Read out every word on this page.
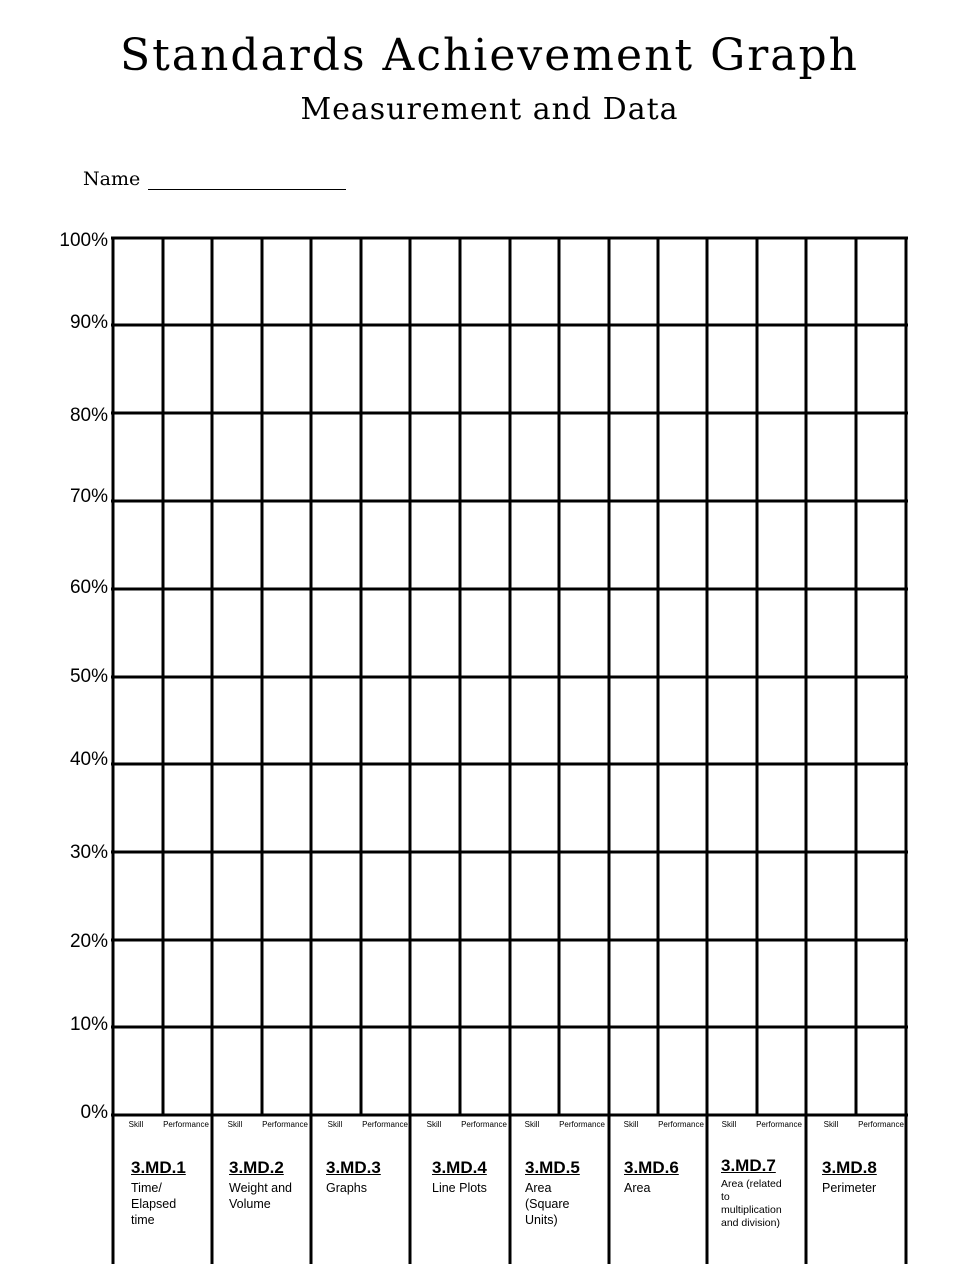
Standards Achievement Graph
Measurement and Data
Name
100%
90%
80%
70%
60%
50%
40%
30%
20%
10%
0%
Skill	Performance	Skill	Performance	Skill	Performance	Skill	Performance	Skill	Performance	Skill	Performance	Skill	Performance	Skill	Performance
3.MD.1
Time/ Elapsed time
3.MD.2
Weight and Volume
3.MD.3
Graphs
3.MD.4
Line Plots
3.MD.5
Area (Square Units)
3.MD.6
Area
3.MD.7
Area (related to multiplication and division)
3.MD.8
Perimeter
